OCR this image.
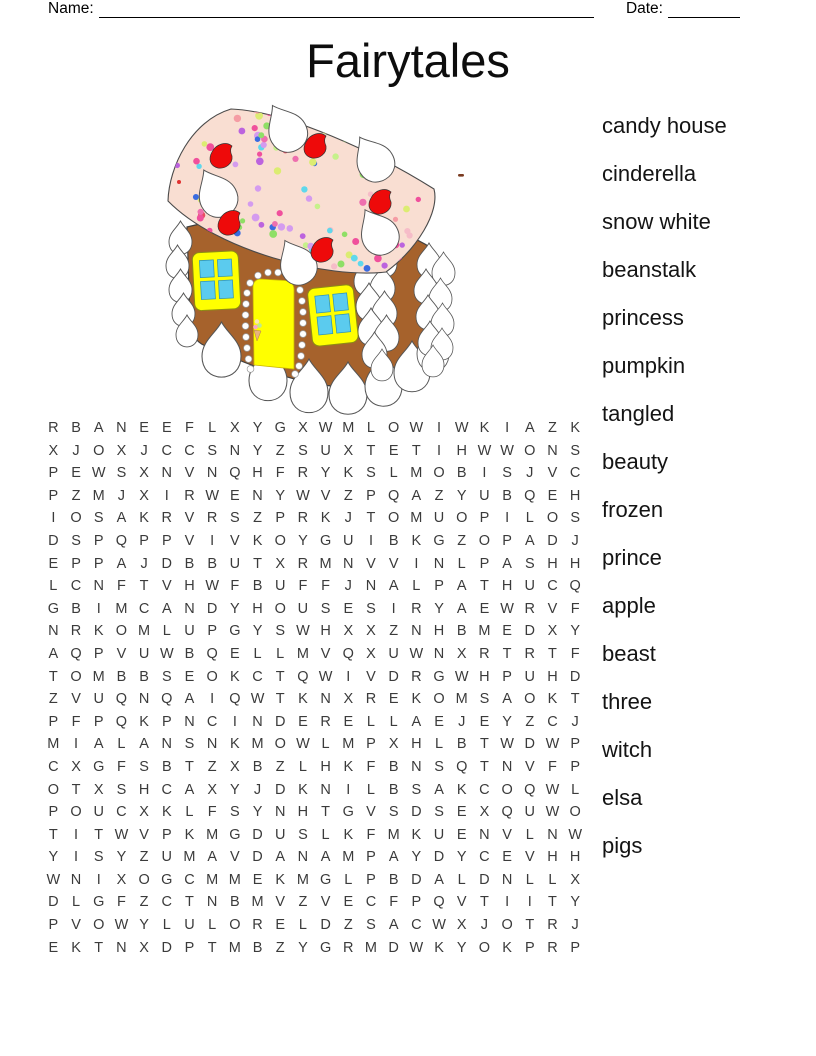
Name:	Date:
Fairytales
candy house
cinderella
snow white
beanstalk
princess
pumpkin
tangled
beauty
frozen
prince
apple
beast
three
witch
elsa
pigs
R B A N E E F L X Y G X W M L O W I W K	I	A Z K
X J O X J C C S N Y Z S U X T E T	I	H W W O N S
P E W S X N V N Q H F R Y K S L M O B	I	S J V C
P Z M J X	I	R W E N Y W V Z P Q A Z Y U B Q E H
I	O S A K R V R S Z P R K J	T O M U O P	I	L O S
D S P Q P P V	I	V K O Y G U	I	B K G Z O P A D J
E P P A J D B B U T X R M N V V	I	N L P A S H H
L C N F T V H W F B U F F	J N A L P A T H U C Q
G B	I	M C A N D Y H O U S E S	I	R Y A E W R V F
N R K O M L U P G Y S W H X X Z N H B M E D X Y
A Q P V U W B Q E L	L M V Q X U W N X R T R T F
T O M B B S E O K C T Q W I	V D R G W H P U H D
Z V U Q N Q A	I	Q W T K N X R E K O M S A O K T
P F P Q K P N C	I	N D E R E L	L A E J E Y Z C J
M	I	A L A N S N K M O W L M P X H L B T W D W P
C X G F S B T Z X B Z L H K F B N S Q T N V F P
O T X S H C A X Y J D K N	I	L B S A K C O Q W L
P O U C X K L F S Y N H T G V S D S E X Q U W O
T	I	T W V P K M G D U S L K F M K U E N V L N W
Y	I	S Y Z U M A V D A N A M P A Y D Y C E V H H
W N	I	X O G C M M E K M G L P B D A L D N L	L X
D L G F Z C T N B M V Z V E C F P Q V T	I	I	T Y
P V O W Y L U L O R E L D Z S A C W X J O T R J
E K T N X D P T M B Z Y G R M D W K Y O K P R P
